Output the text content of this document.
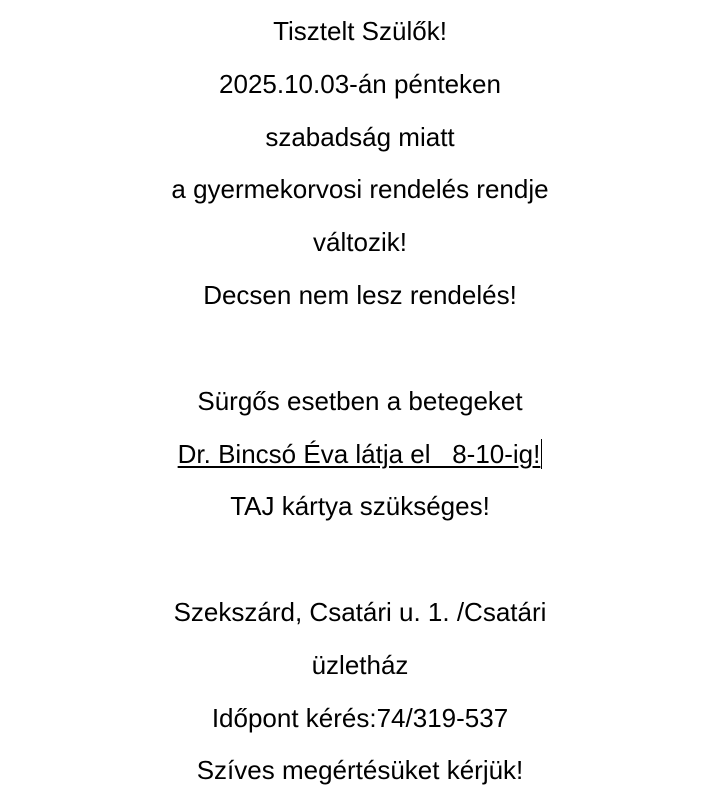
Tisztelt Szülők!
2025.10.03-án pénteken
szabadság miatt
a gyermekorvosi rendelés rendje
változik!
Decsen nem lesz rendelés!
Sürgős esetben a betegeket
Dr. Bincsó Éva látja el   8-10-ig!
TAJ kártya szükséges!
Szekszárd, Csatári u. 1. /Csatári
üzletház
Időpont kérés:74/319-537
Szíves megértésüket kérjük!
